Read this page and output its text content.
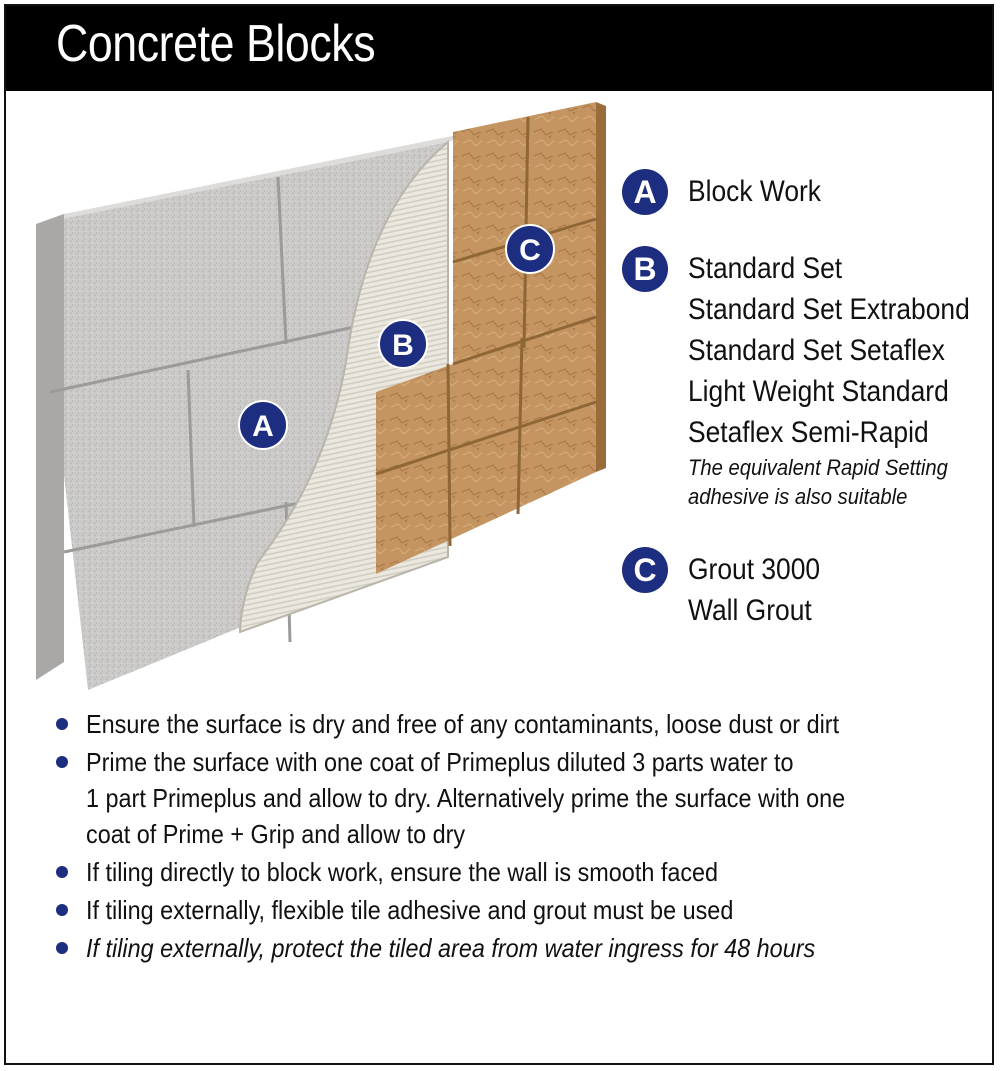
Concrete Blocks
A
B
C
A	Block Work
B	Standard Set
Standard Set Extrabond
Standard Set Setaflex
Light Weight Standard
Setaflex Semi-Rapid
The equivalent Rapid Setting
adhesive is also suitable
C	Grout 3000
Wall Grout
Ensure the surface is dry and free of any contaminants, loose dust or dirt
Prime the surface with one coat of Primeplus diluted 3 parts water to
1 part Primeplus and allow to dry. Alternatively prime the surface with one
coat of Prime + Grip and allow to dry
If tiling directly to block work, ensure the wall is smooth faced
If tiling externally, flexible tile adhesive and grout must be used
If tiling externally, protect the tiled area from water ingress for 48 hours
